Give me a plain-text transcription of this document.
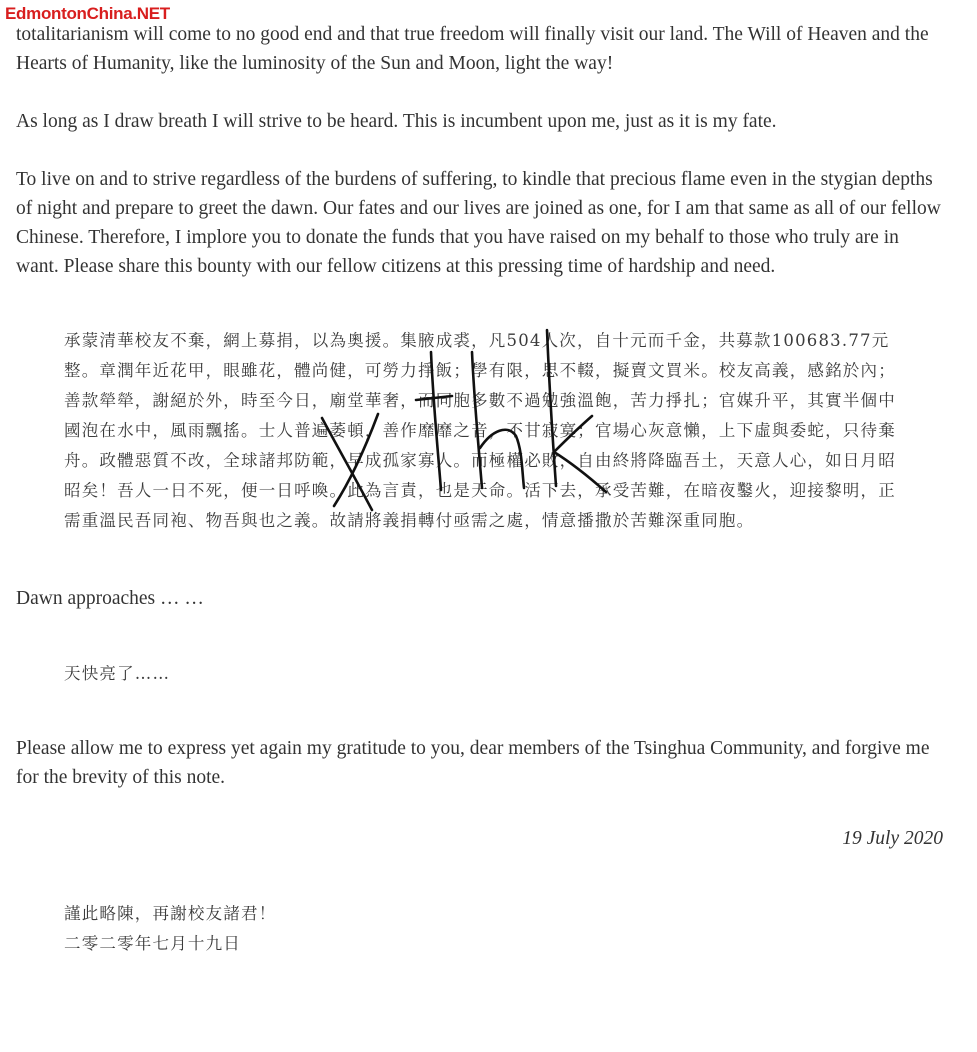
EdmontonChina.NET

totalitarianism will come to no good end and that true freedom will finally visit our land. The Will of Heaven and the Hearts of Humanity, like the luminosity of the Sun and Moon, light the way!

As long as I draw breath I will strive to be heard. This is incumbent upon me, just as it is my fate.

To live on and to strive regardless of the burdens of suffering, to kindle that precious flame even in the stygian depths of night and prepare to greet the dawn. Our fates and our lives are joined as one, for I am that same as all of our fellow Chinese. Therefore, I implore you to donate the funds that you have raised on my behalf to those who truly are in want. Please share this bounty with our fellow citizens at this pressing time of hardship and need.

承蒙清華校友不棄，網上募捐，以為奧援。集腋成裘，凡504人次，自十元而千金，共募款100683.77元整。章潤年近花甲，眼雖花，體尚健，可勞力掙飯；學有限，思不輟，擬賣文買米。校友高義，感銘於內；善款犖犖，謝絕於外，時至今日，廟堂華奢，而同胞多數不過勉強溫飽，苦力掙扎；官媒升平，其實半個中國泡在水中，風雨飄搖。士人普遍萎頓，善作靡靡之音，不甘寂寞；官場心灰意懶，上下虛與委蛇，只待棄舟。政體惡質不改，全球諸邦防範，早成孤家寡人。而極權必敗，自由終將降臨吾土，天意人心，如日月昭昭矣！吾人一日不死，便一日呼喚。此為言責，也是天命。活下去，承受苦難，在暗夜鑿火，迎接黎明，正需重溫民吾同袍、物吾與也之義。故請將義捐轉付亟需之處，情意播撒於苦難深重同胞。

Dawn approaches … …

天快亮了……

Please allow me to express yet again my gratitude to you, dear members of the Tsinghua Community, and forgive me for the brevity of this note.

19 July 2020

謹此略陳，再謝校友諸君！

二零二零年七月十九日
